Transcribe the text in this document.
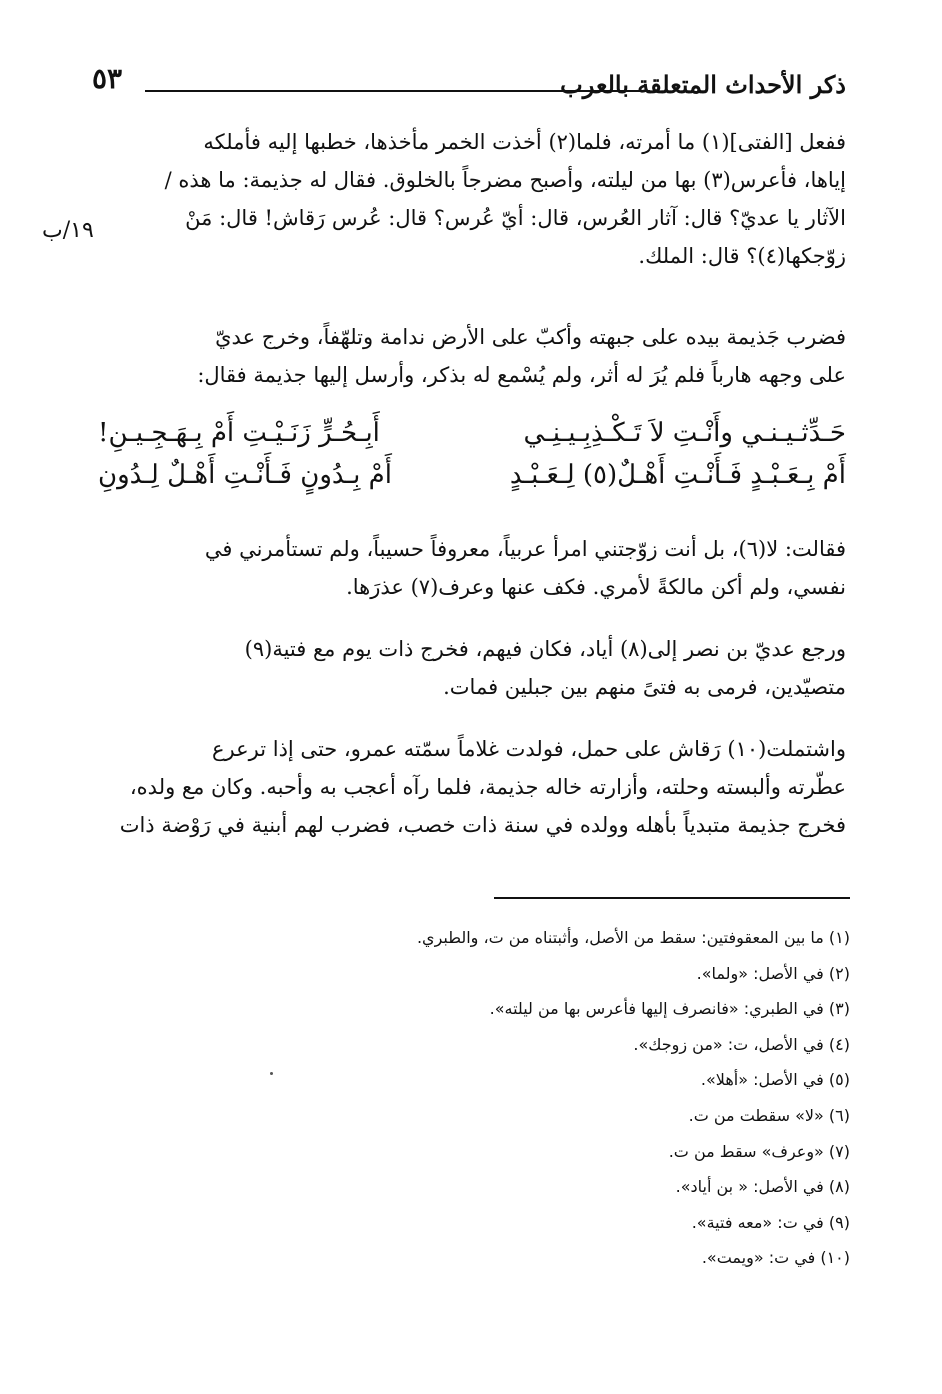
ذكر الأحداث المتعلقة بالعرب
٥٣
١٩/ب

ففعل [الفتى](١) ما أمرته، فلما(٢) أخذت الخمر مأخذها، خطبها إليه فأملكه

إياها، فأعرس(٣) بها من ليلته، وأصبح مضرجاً بالخلوق. فقال له جذيمة: ما هذه /

الآثار يا عديّ؟ قال: آثار العُرس، قال: أيّ عُرس؟ قال: عُرس رَقاش! قال: مَنْ

زوّجكها(٤)؟ قال: الملك.

فضرب جَذيمة بيده على جبهته وأكبّ على الأرض ندامة وتلهّفاً، وخرج عديّ

على وجهه هارباً فلم يُرَ له أثر، ولم يُسْمع له بذكر، وأرسل إليها جذيمة فقال:

حَـدِّثـيـنـي وأَنْـتِ لاَ تَـكْـذِبِـيـنِـي
أَبِـحُـرٍّ زَنَـيْـتِ أَمْ بِـهَـجِـيـنِ!
أَمْ بِـعَـبْـدٍ فَـأَنْـتِ أَهْـلٌ(٥) لِـعَـبْـدٍ
أَمْ بِـدُونٍ فَـأَنْـتِ أَهْـلٌ لِـدُونِ

فقالت: لا(٦)، بل أنت زوّجتني امرأ عربياً، معروفاً حسيباً، ولم تستأمرني في

نفسي، ولم أكن مالكةً لأمري. فكف عنها وعرف(٧) عذرَها.

ورجع عديّ بن نصر إلى(٨) أياد، فكان فيهم، فخرج ذات يوم مع فتية(٩)

متصيّدين، فرمى به فتىً منهم بين جبلين فمات.

واشتملت(١٠) رَقاش على حمل، فولدت غلاماً سمّته عمرو، حتى إذا ترعرع

عطّرته وألبسته وحلته، وأزارته خاله جذيمة، فلما رآه أعجب به وأحبه. وكان مع ولده،

فخرج جذيمة متبدياً بأهله وولده في سنة ذات خصب، فضرب لهم أبنية في رَوْضة ذات

(١) ما بين المعقوفتين: سقط من الأصل، وأثبتناه من ت، والطبري.
(٢) في الأصل: «ولما».
(٣) في الطبري: «فانصرف إليها فأعرس بها من ليلته».
(٤) في الأصل، ت: «من زوجك».
(٥) في الأصل: «أهلا».
(٦) «لا» سقطت من ت.
(٧) «وعرف» سقط من ت.
(٨) في الأصل: « بن أياد».
(٩) في ت: «معه فتية».
(١٠) في ت: «ويمت».
